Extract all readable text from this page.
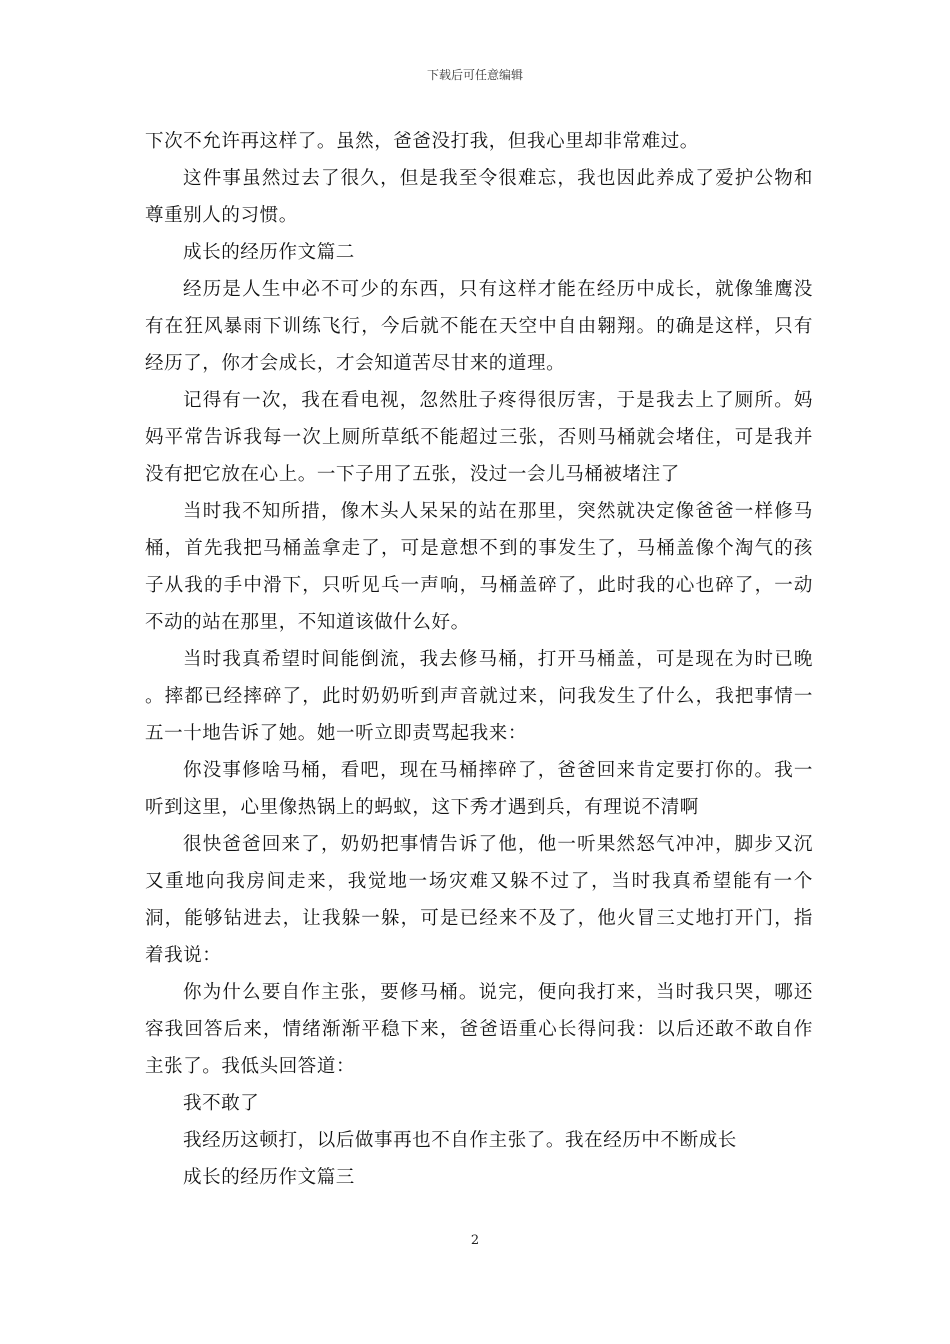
下载后可任意编辑

下次不允许再这样了。虽然，爸爸没打我，但我心里却非常难过。

这件事虽然过去了很久，但是我至令很难忘，我也因此养成了爱护公物和尊重别人的习惯。

成长的经历作文篇二

经历是人生中必不可少的东西，只有这样才能在经历中成长，就像雏鹰没有在狂风暴雨下训练飞行，今后就不能在天空中自由翱翔。的确是这样，只有经历了，你才会成长，才会知道苦尽甘来的道理。

记得有一次，我在看电视，忽然肚子疼得很厉害，于是我去上了厕所。妈妈平常告诉我每一次上厕所草纸不能超过三张，否则马桶就会堵住，可是我并没有把它放在心上。一下子用了五张，没过一会儿马桶被堵注了

当时我不知所措，像木头人呆呆的站在那里，突然就决定像爸爸一样修马桶，首先我把马桶盖拿走了，可是意想不到的事发生了，马桶盖像个淘气的孩子从我的手中滑下，只听见乓一声响，马桶盖碎了，此时我的心也碎了，一动不动的站在那里，不知道该做什么好。

当时我真希望时间能倒流，我去修马桶，打开马桶盖，可是现在为时已晚 。摔都已经摔碎了，此时奶奶听到声音就过来，问我发生了什么，我把事情一五一十地告诉了她。她一听立即责骂起我来：

你没事修啥马桶，看吧，现在马桶摔碎了，爸爸回来肯定要打你的。我一听到这里，心里像热锅上的蚂蚁，这下秀才遇到兵，有理说不清啊

很快爸爸回来了，奶奶把事情告诉了他，他一听果然怒气冲冲，脚步又沉又重地向我房间走来，我觉地一场灾难又躲不过了，当时我真希望能有一个洞，能够钻进去，让我躲一躲，可是已经来不及了，他火冒三丈地打开门，指着我说：

你为什么要自作主张，要修马桶。说完，便向我打来，当时我只哭，哪还容我回答后来，情绪渐渐平稳下来，爸爸语重心长得问我：以后还敢不敢自作主张了。我低头回答道：

我不敢了

我经历这顿打，以后做事再也不自作主张了。我在经历中不断成长

成长的经历作文篇三

2
